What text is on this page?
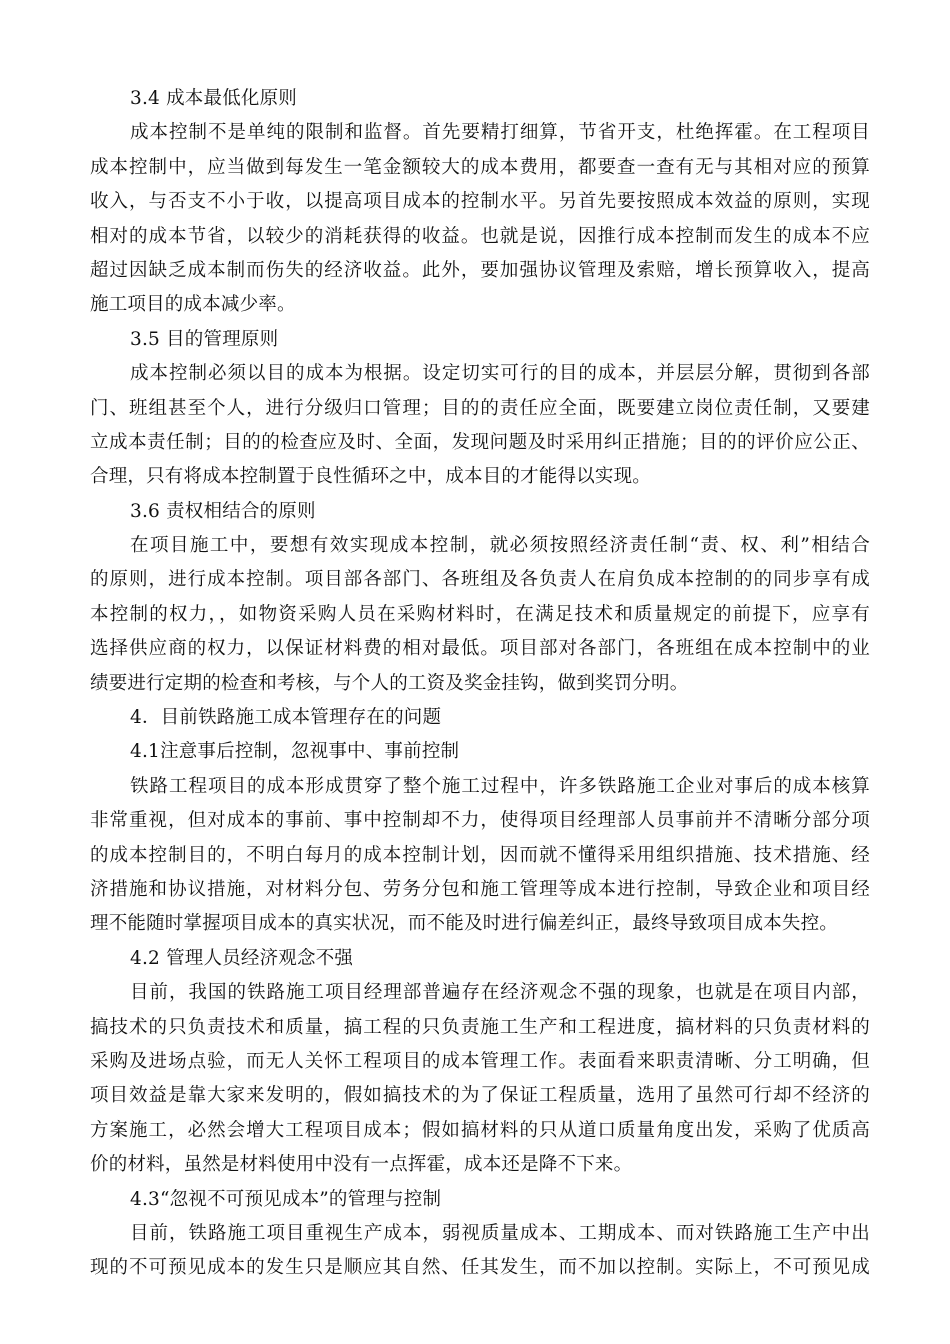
3.4 成本最低化原则
成本控制不是单纯的限制和监督。首先要精打细算，节省开支，杜绝挥霍。在工程项目
成本控制中，应当做到每发生一笔金额较大的成本费用，都要查一查有无与其相对应的预算
收入，与否支不小于收，以提高项目成本的控制水平。另首先要按照成本效益的原则，实现
相对的成本节省，以较少的消耗获得的收益。也就是说，因推行成本控制而发生的成本不应
超过因缺乏成本制而伤失的经济收益。此外，要加强协议管理及索赔，增长预算收入，提高
施工项目的成本减少率。
3.5 目的管理原则
成本控制必须以目的成本为根据。设定切实可行的目的成本，并层层分解，贯彻到各部
门、班组甚至个人，进行分级归口管理；目的的责任应全面，既要建立岗位责任制，又要建
立成本责任制；目的的检查应及时、全面，发现问题及时采用纠正措施；目的的评价应公正、
合理，只有将成本控制置于良性循环之中，成本目的才能得以实现。
3.6 责权相结合的原则
在项目施工中，要想有效实现成本控制，就必须按照经济责任制“责、权、利”相结合
的原则，进行成本控制。项目部各部门、各班组及各负责人在肩负成本控制的的同步享有成
本控制的权力，，如物资采购人员在采购材料时，在满足技术和质量规定的前提下，应享有
选择供应商的权力，以保证材料费的相对最低。项目部对各部门，各班组在成本控制中的业
绩要进行定期的检查和考核，与个人的工资及奖金挂钩，做到奖罚分明。
4．目前铁路施工成本管理存在的问题
4.1注意事后控制，忽视事中、事前控制
铁路工程项目的成本形成贯穿了整个施工过程中，许多铁路施工企业对事后的成本核算
非常重视，但对成本的事前、事中控制却不力，使得项目经理部人员事前并不清晰分部分项
的成本控制目的，不明白每月的成本控制计划，因而就不懂得采用组织措施、技术措施、经
济措施和协议措施，对材料分包、劳务分包和施工管理等成本进行控制，导致企业和项目经
理不能随时掌握项目成本的真实状况，而不能及时进行偏差纠正，最终导致项目成本失控。
4.2 管理人员经济观念不强
目前，我国的铁路施工项目经理部普遍存在经济观念不强的现象，也就是在项目内部，
搞技术的只负责技术和质量，搞工程的只负责施工生产和工程进度，搞材料的只负责材料的
采购及进场点验，而无人关怀工程项目的成本管理工作。表面看来职责清晰、分工明确，但
项目效益是靠大家来发明的，假如搞技术的为了保证工程质量，选用了虽然可行却不经济的
方案施工，必然会增大工程项目成本；假如搞材料的只从道口质量角度出发，采购了优质高
价的材料，虽然是材料使用中没有一点挥霍，成本还是降不下来。
4.3“忽视不可预见成本”的管理与控制
目前，铁路施工项目重视生产成本，弱视质量成本、工期成本、而对铁路施工生产中出
现的不可预见成本的发生只是顺应其自然、任其发生，而不加以控制。实际上，不可预见成
